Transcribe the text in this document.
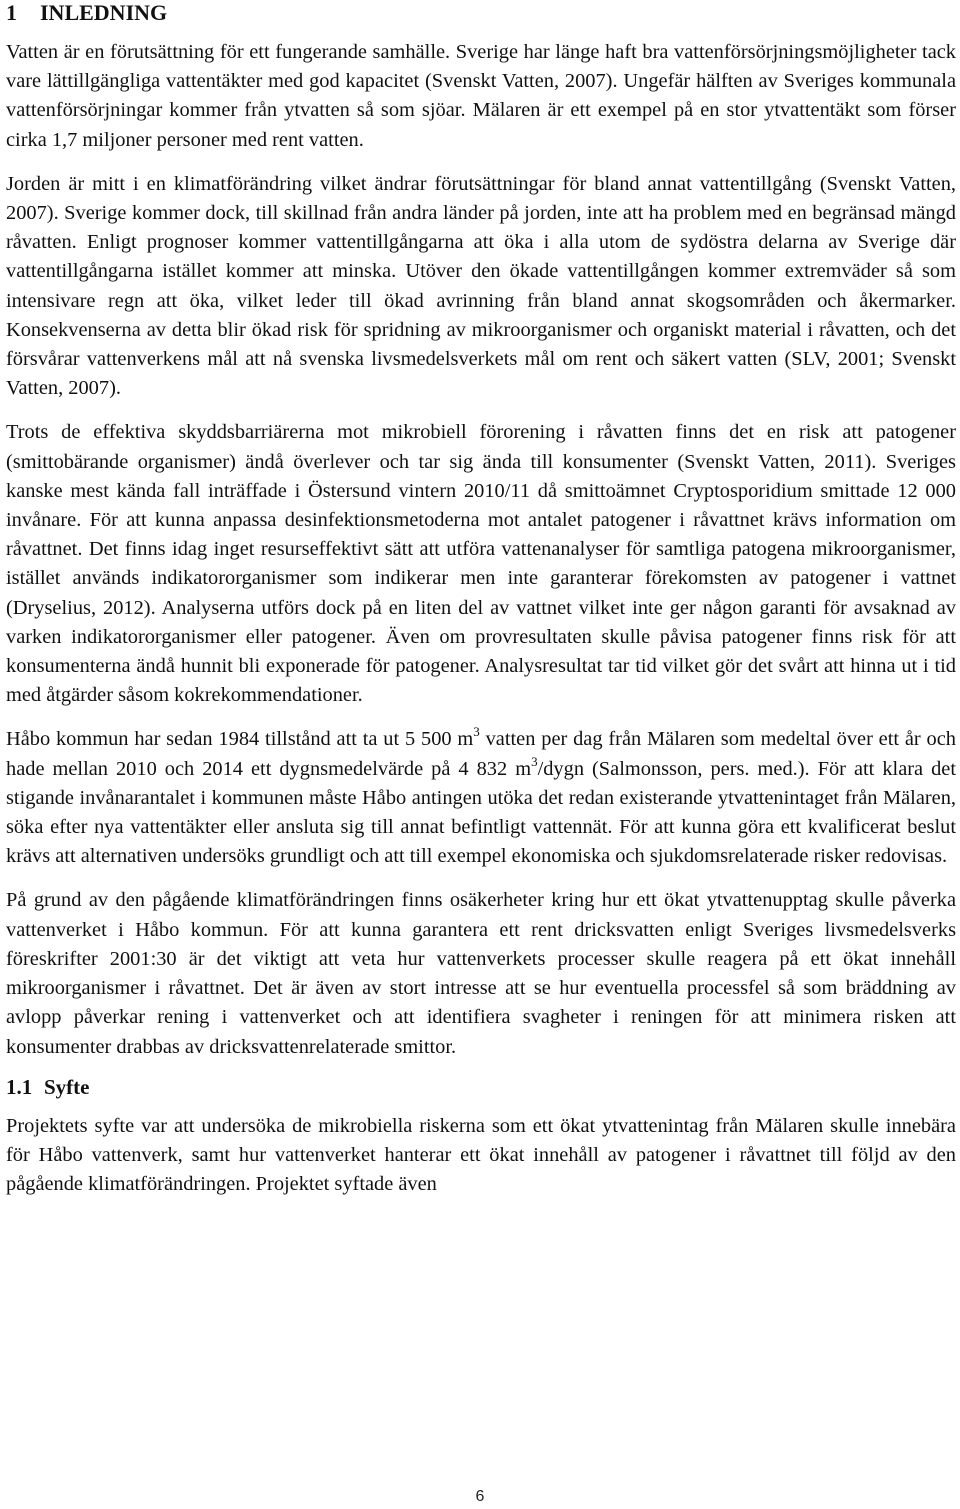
1 INLEDNING

Vatten är en förutsättning för ett fungerande samhälle. Sverige har länge haft bra vattenförsörjningsmöjligheter tack vare lättillgängliga vattentäkter med god kapacitet (Svenskt Vatten, 2007). Ungefär hälften av Sveriges kommunala vattenförsörjningar kommer från ytvatten så som sjöar. Mälaren är ett exempel på en stor ytvattentäkt som förser cirka 1,7 miljoner personer med rent vatten.

Jorden är mitt i en klimatförändring vilket ändrar förutsättningar för bland annat vattentillgång (Svenskt Vatten, 2007). Sverige kommer dock, till skillnad från andra länder på jorden, inte att ha problem med en begränsad mängd råvatten. Enligt prognoser kommer vattentillgångarna att öka i alla utom de sydöstra delarna av Sverige där vattentillgångarna istället kommer att minska. Utöver den ökade vattentillgången kommer extremväder så som intensivare regn att öka, vilket leder till ökad avrinning från bland annat skogsområden och åkermarker. Konsekvenserna av detta blir ökad risk för spridning av mikroorganismer och organiskt material i råvatten, och det försvårar vattenverkens mål att nå svenska livsmedelsverkets mål om rent och säkert vatten (SLV, 2001; Svenskt Vatten, 2007).

Trots de effektiva skyddsbarriärerna mot mikrobiell förorening i råvatten finns det en risk att patogener (smittobärande organismer) ändå överlever och tar sig ända till konsumenter (Svenskt Vatten, 2011). Sveriges kanske mest kända fall inträffade i Östersund vintern 2010/11 då smittoämnet Cryptosporidium smittade 12 000 invånare. För att kunna anpassa desinfektionsmetoderna mot antalet patogener i råvattnet krävs information om råvattnet. Det finns idag inget resurseffektivt sätt att utföra vattenanalyser för samtliga patogena mikroorganismer, istället används indikatororganismer som indikerar men inte garanterar förekomsten av patogener i vattnet (Dryselius, 2012). Analyserna utförs dock på en liten del av vattnet vilket inte ger någon garanti för avsaknad av varken indikatororganismer eller patogener. Även om provresultaten skulle påvisa patogener finns risk för att konsumenterna ändå hunnit bli exponerade för patogener. Analysresultat tar tid vilket gör det svårt att hinna ut i tid med åtgärder såsom kokrekommendationer.

Håbo kommun har sedan 1984 tillstånd att ta ut 5 500 $m^3$ vatten per dag från Mälaren som medeltal över ett år och hade mellan 2010 och 2014 ett dygnsmedelvärde på 4 832 $m^3$/dygn (Salmonsson, pers. med.). För att klara det stigande invånarantalet i kommunen måste Håbo antingen utöka det redan existerande ytvattenintaget från Mälaren, söka efter nya vattentäkter eller ansluta sig till annat befintligt vattennät. För att kunna göra ett kvalificerat beslut krävs att alternativen undersöks grundligt och att till exempel ekonomiska och sjukdomsrelaterade risker redovisas.

På grund av den pågående klimatförändringen finns osäkerheter kring hur ett ökat ytvattenupptag skulle påverka vattenverket i Håbo kommun. För att kunna garantera ett rent dricksvatten enligt Sveriges livsmedelsverks föreskrifter 2001:30 är det viktigt att veta hur vattenverkets processer skulle reagera på ett ökat innehåll mikroorganismer i råvattnet. Det är även av stort intresse att se hur eventuella processfel så som bräddning av avlopp påverkar rening i vattenverket och att identifiera svagheter i reningen för att minimera risken att konsumenter drabbas av dricksvattenrelaterade smittor.

1.1 Syfte

Projektets syfte var att undersöka de mikrobiella riskerna som ett ökat ytvattenintag från Mälaren skulle innebära för Håbo vattenverk, samt hur vattenverket hanterar ett ökat innehåll av patogener i råvattnet till följd av den pågående klimatförändringen. Projektet syftade även

6
